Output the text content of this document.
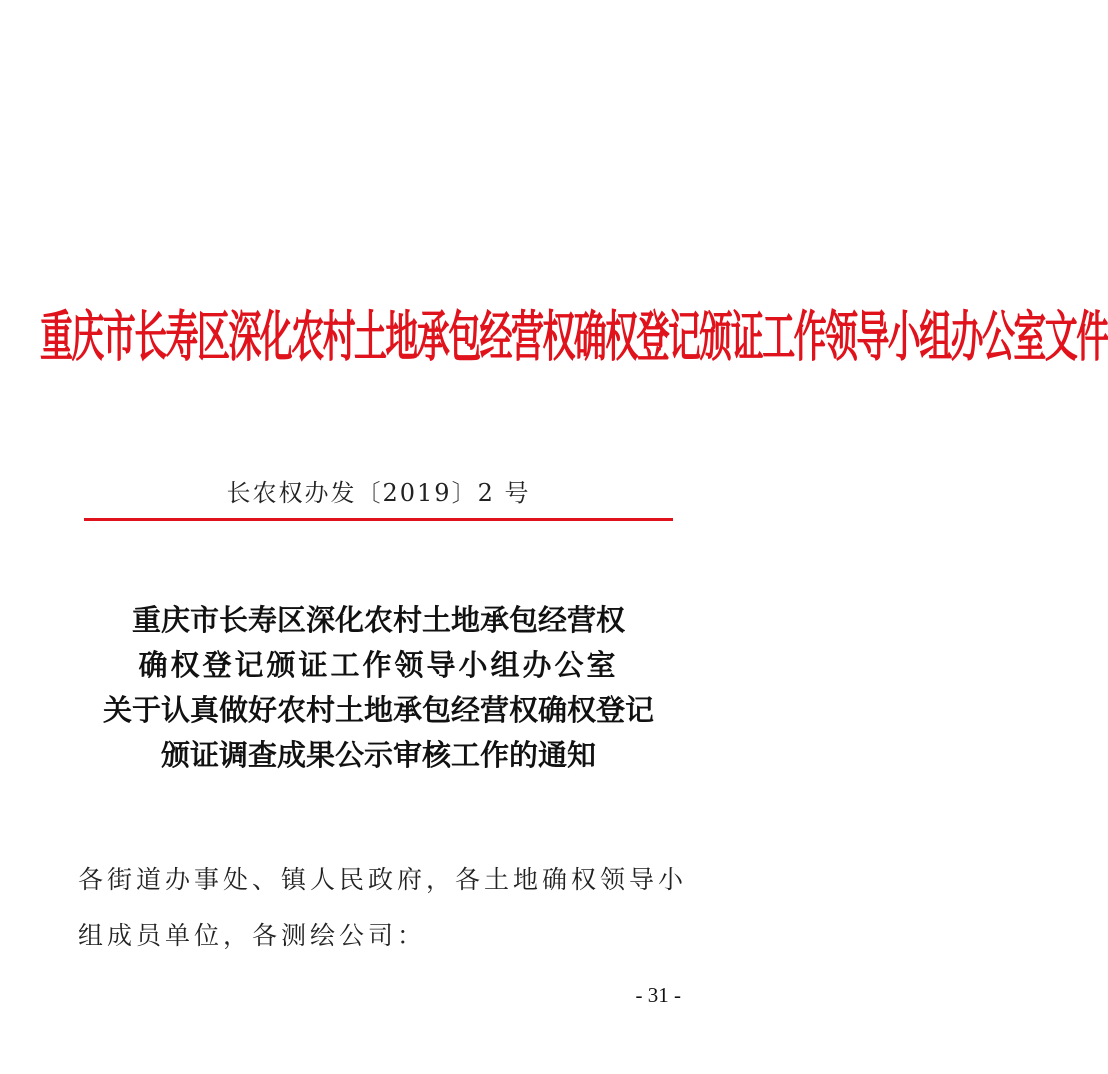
重庆市长寿区深化农村土地承包经营权确权登记颁证工作领导小组办公室文件
长农权办发〔2019〕2 号
重庆市长寿区深化农村土地承包经营权
确权登记颁证工作领导小组办公室
关于认真做好农村土地承包经营权确权登记
颁证调查成果公示审核工作的通知
各街道办事处、镇人民政府，各土地确权领导小
组成员单位，各测绘公司：
- 31 -
